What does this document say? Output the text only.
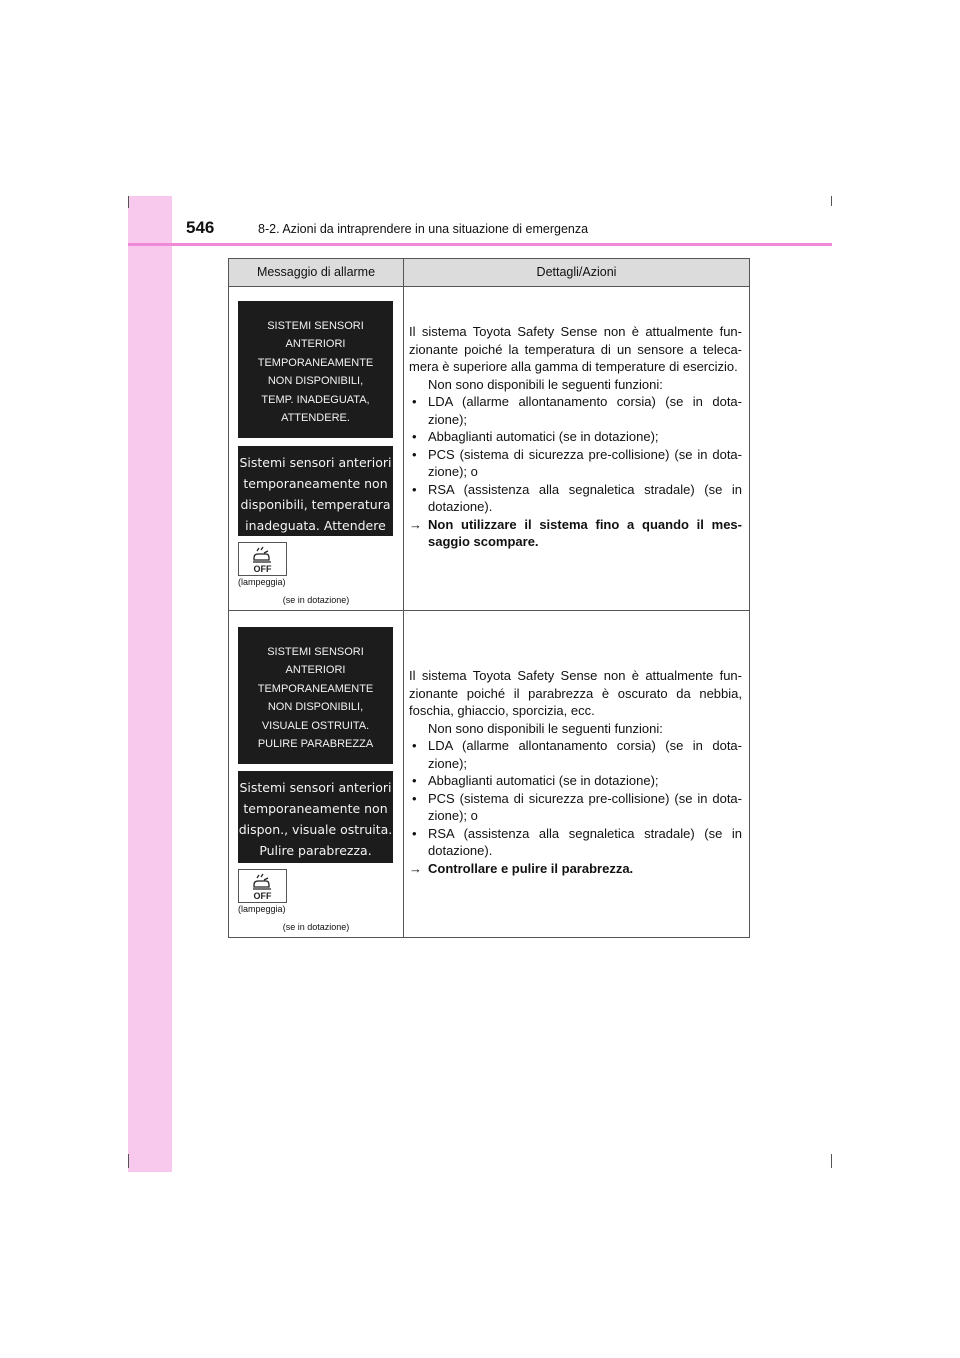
546	8-2. Azioni da intraprendere in una situazione di emergenza
Messaggio di allarme	Dettagli/Azioni
SISTEMI SENSORI
ANTERIORI
TEMPORANEAMENTE
NON DISPONIBILI,
TEMP. INADEGUATA,
ATTENDERE.
Sistemi sensori anteriori
temporaneamente non
disponibili, temperatura
inadeguata. Attendere
OFF
(lampeggia)
(se in dotazione)

Il sistema Toyota Safety Sense non è attualmente fun-zionante poiché la temperatura di un sensore a teleca-mera è superiore alla gamma di temperature di esercizio.

Non sono disponibili le seguenti funzioni:

• LDA (allarme allontanamento corsia) (se in dota-zione);
• Abbaglianti automatici (se in dotazione);
• PCS (sistema di sicurezza pre-collisione) (se in dota-zione); o
• RSA (assistenza alla segnaletica stradale) (se in dotazione).
→ Non utilizzare il sistema fino a quando il mes-saggio scompare.
SISTEMI SENSORI
ANTERIORI
TEMPORANEAMENTE
NON DISPONIBILI,
VISUALE OSTRUITA.
PULIRE PARABREZZA
Sistemi sensori anteriori
temporaneamente non
dispon., visuale ostruita.
Pulire parabrezza.
OFF
(lampeggia)
(se in dotazione)

Il sistema Toyota Safety Sense non è attualmente fun-zionante poiché il parabrezza è oscurato da nebbia, foschia, ghiaccio, sporcizia, ecc.

Non sono disponibili le seguenti funzioni:

• LDA (allarme allontanamento corsia) (se in dota-zione);
• Abbaglianti automatici (se in dotazione);
• PCS (sistema di sicurezza pre-collisione) (se in dota-zione); o
• RSA (assistenza alla segnaletica stradale) (se in dotazione).
→ Controllare e pulire il parabrezza.
